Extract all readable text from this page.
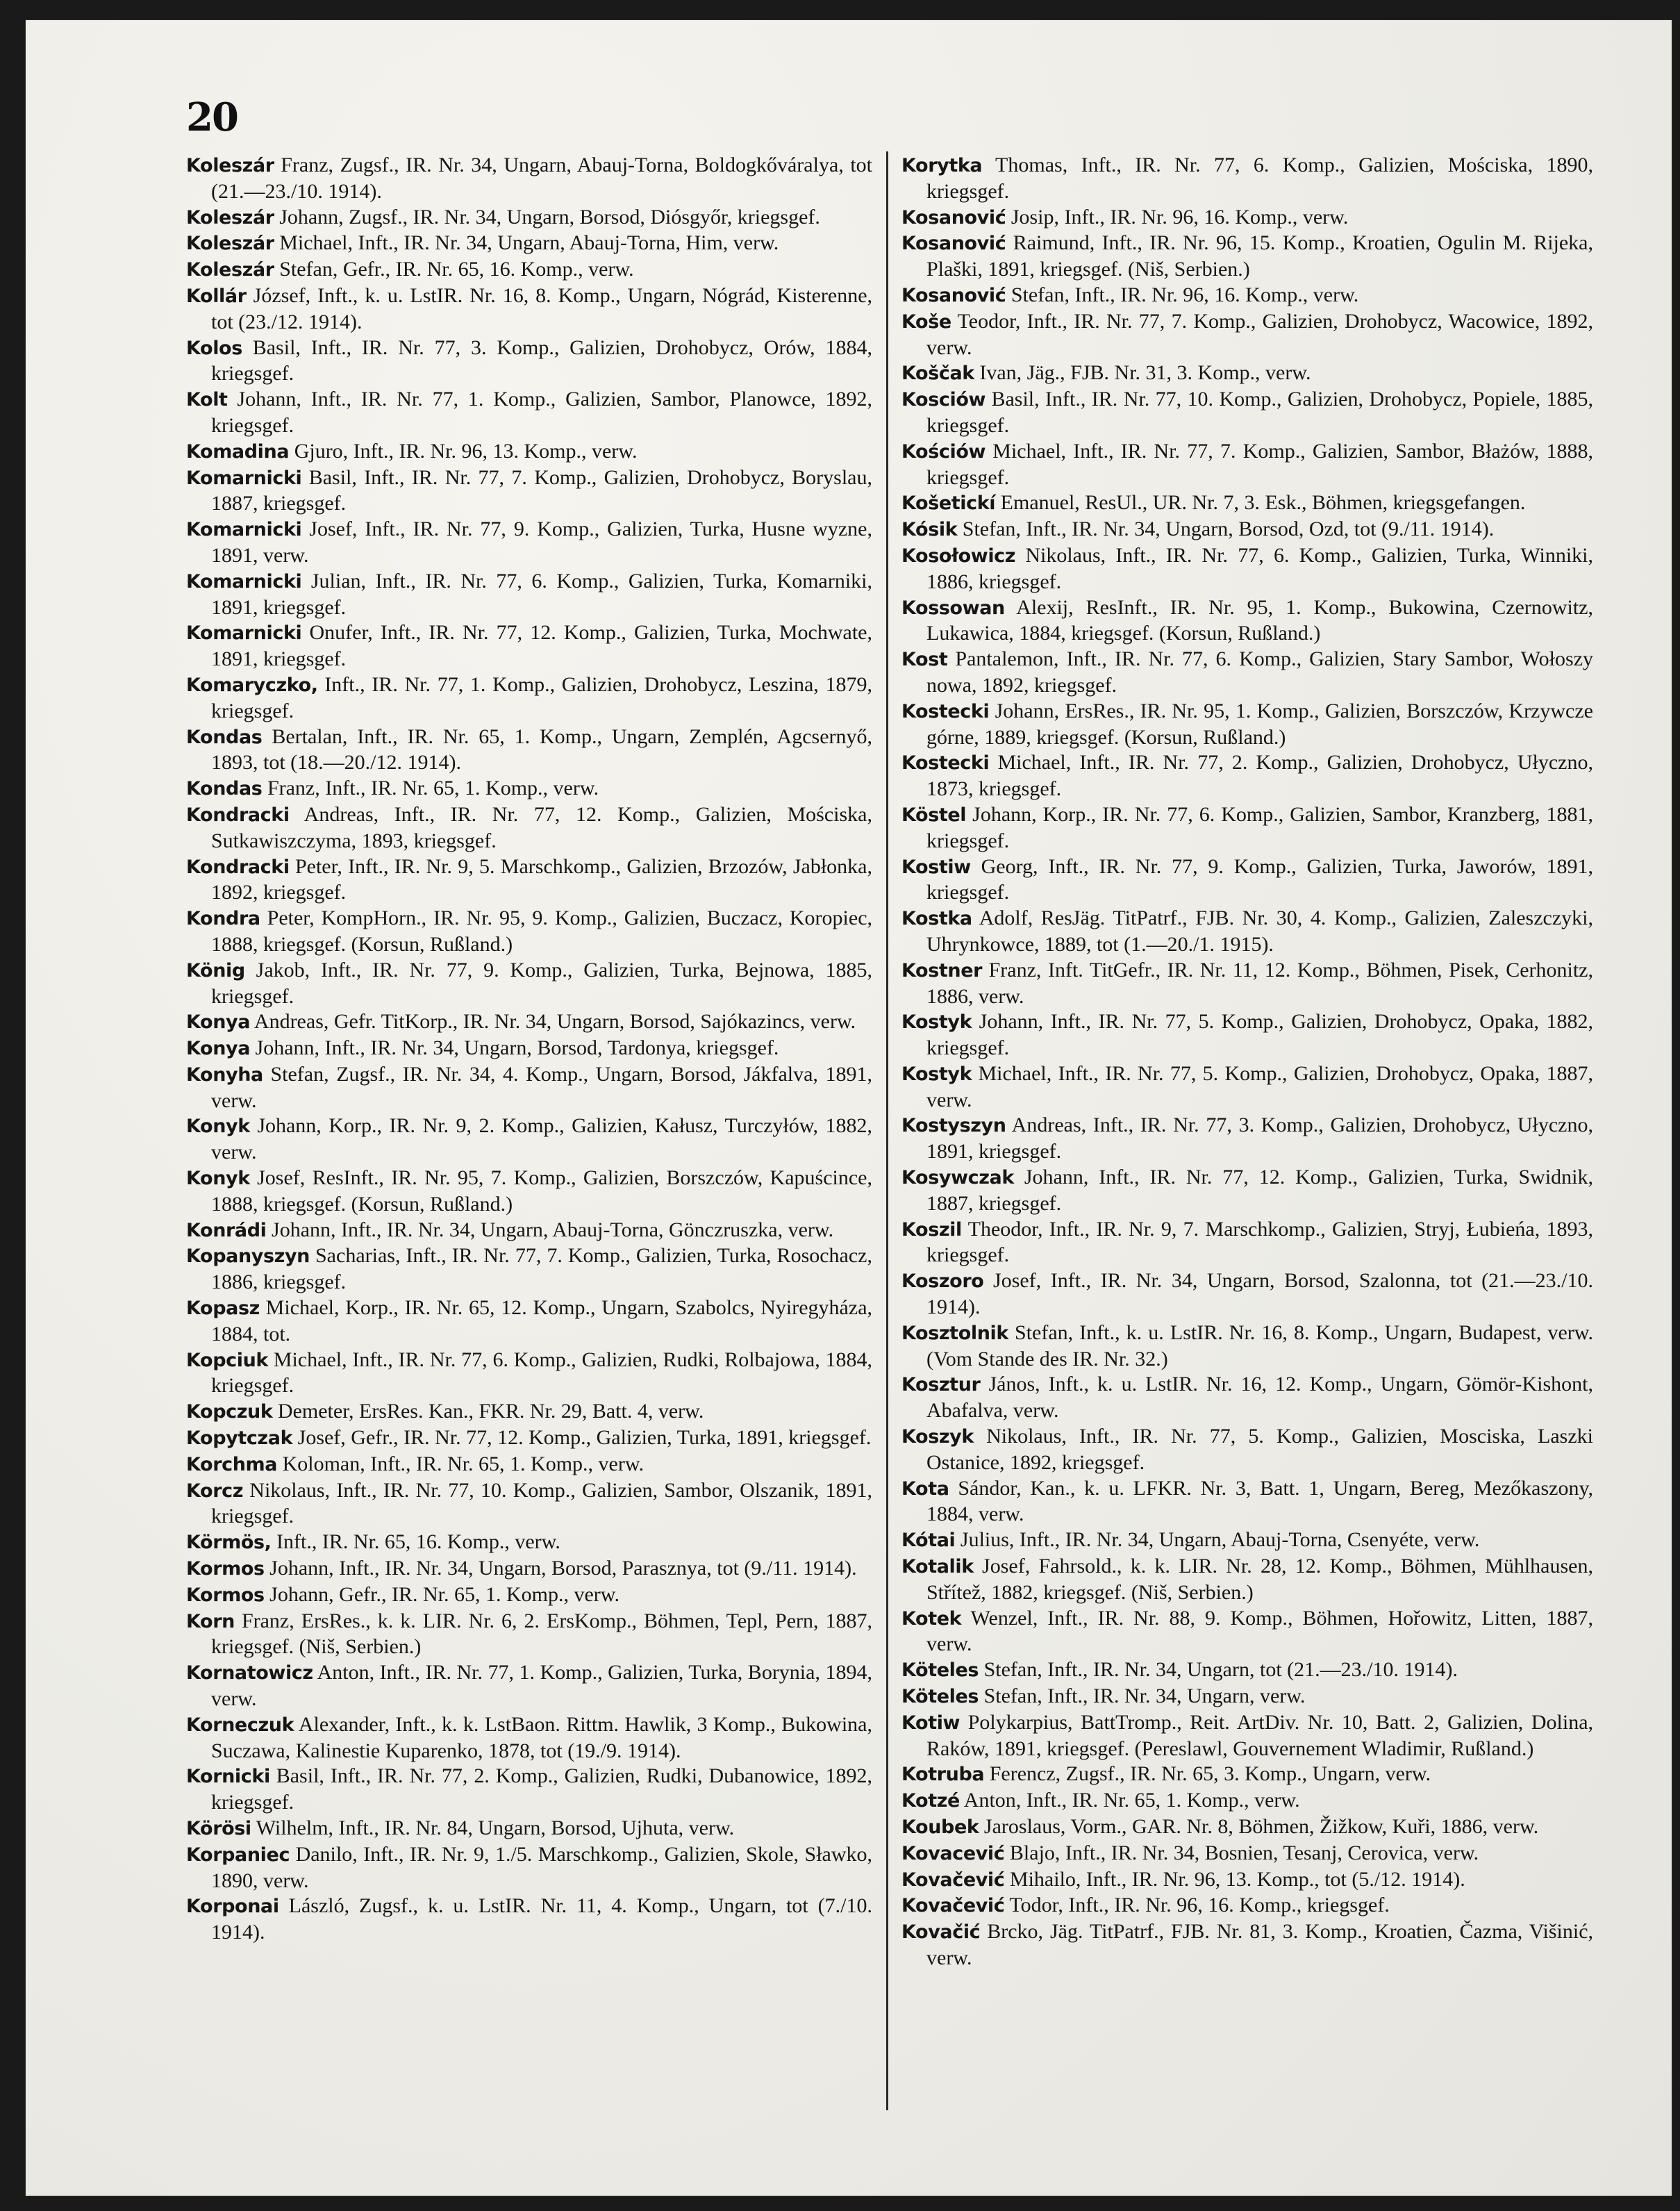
20

Koleszár Franz, Zugsf., IR. Nr. 34, Ungarn, Abauj-Torna, Boldogkőváralya, tot (21.—23./10. 1914).

Koleszár Johann, Zugsf., IR. Nr. 34, Ungarn, Borsod, Diósgyőr, kriegsgef.

Koleszár Michael, Inft., IR. Nr. 34, Ungarn, Abauj-Torna, Him, verw.

Koleszár Stefan, Gefr., IR. Nr. 65, 16. Komp., verw.

Kollár József, Inft., k. u. LstIR. Nr. 16, 8. Komp., Ungarn, Nógrád, Kisterenne, tot (23./12. 1914).

Kolos Basil, Inft., IR. Nr. 77, 3. Komp., Galizien, Drohobycz, Orów, 1884, kriegsgef.

Kolt Johann, Inft., IR. Nr. 77, 1. Komp., Galizien, Sambor, Planowce, 1892, kriegsgef.

Komadina Gjuro, Inft., IR. Nr. 96, 13. Komp., verw.

Komarnicki Basil, Inft., IR. Nr. 77, 7. Komp., Galizien, Drohobycz, Boryslau, 1887, kriegsgef.

Komarnicki Josef, Inft., IR. Nr. 77, 9. Komp., Galizien, Turka, Husne wyzne, 1891, verw.

Komarnicki Julian, Inft., IR. Nr. 77, 6. Komp., Galizien, Turka, Komarniki, 1891, kriegsgef.

Komarnicki Onufer, Inft., IR. Nr. 77, 12. Komp., Galizien, Turka, Mochwate, 1891, kriegsgef.

Komaryczko, Inft., IR. Nr. 77, 1. Komp., Galizien, Drohobycz, Leszina, 1879, kriegsgef.

Kondas Bertalan, Inft., IR. Nr. 65, 1. Komp., Ungarn, Zemplén, Agcsernyő, 1893, tot (18.—20./12. 1914).

Kondas Franz, Inft., IR. Nr. 65, 1. Komp., verw.

Kondracki Andreas, Inft., IR. Nr. 77, 12. Komp., Galizien, Mościska, Sutkawiszczyma, 1893, kriegsgef.

Kondracki Peter, Inft., IR. Nr. 9, 5. Marschkomp., Galizien, Brzozów, Jabłonka, 1892, kriegsgef.

Kondra Peter, KompHorn., IR. Nr. 95, 9. Komp., Galizien, Buczacz, Koropiec, 1888, kriegsgef. (Korsun, Rußland.)

König Jakob, Inft., IR. Nr. 77, 9. Komp., Galizien, Turka, Bejnowa, 1885, kriegsgef.

Konya Andreas, Gefr. TitKorp., IR. Nr. 34, Ungarn, Borsod, Sajókazincs, verw.

Konya Johann, Inft., IR. Nr. 34, Ungarn, Borsod, Tardonya, kriegsgef.

Konyha Stefan, Zugsf., IR. Nr. 34, 4. Komp., Ungarn, Borsod, Jákfalva, 1891, verw.

Konyk Johann, Korp., IR. Nr. 9, 2. Komp., Galizien, Kałusz, Turczyłów, 1882, verw.

Konyk Josef, ResInft., IR. Nr. 95, 7. Komp., Galizien, Borszczów, Kapuścince, 1888, kriegsgef. (Korsun, Rußland.)

Konrádi Johann, Inft., IR. Nr. 34, Ungarn, Abauj-Torna, Gönczruszka, verw.

Kopanyszyn Sacharias, Inft., IR. Nr. 77, 7. Komp., Galizien, Turka, Rosochacz, 1886, kriegsgef.

Kopasz Michael, Korp., IR. Nr. 65, 12. Komp., Ungarn, Szabolcs, Nyiregyháza, 1884, tot.

Kopciuk Michael, Inft., IR. Nr. 77, 6. Komp., Galizien, Rudki, Rolbajowa, 1884, kriegsgef.

Kopczuk Demeter, ErsRes. Kan., FKR. Nr. 29, Batt. 4, verw.

Kopytczak Josef, Gefr., IR. Nr. 77, 12. Komp., Galizien, Turka, 1891, kriegsgef.

Korchma Koloman, Inft., IR. Nr. 65, 1. Komp., verw.

Korcz Nikolaus, Inft., IR. Nr. 77, 10. Komp., Galizien, Sambor, Olszanik, 1891, kriegsgef.

Körmös, Inft., IR. Nr. 65, 16. Komp., verw.

Kormos Johann, Inft., IR. Nr. 34, Ungarn, Borsod, Parasznya, tot (9./11. 1914).

Kormos Johann, Gefr., IR. Nr. 65, 1. Komp., verw.

Korn Franz, ErsRes., k. k. LIR. Nr. 6, 2. ErsKomp., Böhmen, Tepl, Pern, 1887, kriegsgef. (Niš, Serbien.)

Kornatowicz Anton, Inft., IR. Nr. 77, 1. Komp., Galizien, Turka, Borynia, 1894, verw.

Korneczuk Alexander, Inft., k. k. LstBaon. Rittm. Hawlik, 3 Komp., Bukowina, Suczawa, Kalinestie Kuparenko, 1878, tot (19./9. 1914).

Kornicki Basil, Inft., IR. Nr. 77, 2. Komp., Galizien, Rudki, Dubanowice, 1892, kriegsgef.

Körösi Wilhelm, Inft., IR. Nr. 84, Ungarn, Borsod, Ujhuta, verw.

Korpaniec Danilo, Inft., IR. Nr. 9, 1./5. Marschkomp., Galizien, Skole, Sławko, 1890, verw.

Korponai László, Zugsf., k. u. LstIR. Nr. 11, 4. Komp., Ungarn, tot (7./10. 1914).

Korytka Thomas, Inft., IR. Nr. 77, 6. Komp., Galizien, Mościska, 1890, kriegsgef.

Kosanović Josip, Inft., IR. Nr. 96, 16. Komp., verw.

Kosanović Raimund, Inft., IR. Nr. 96, 15. Komp., Kroatien, Ogulin M. Rijeka, Plaški, 1891, kriegsgef. (Niš, Serbien.)

Kosanović Stefan, Inft., IR. Nr. 96, 16. Komp., verw.

Koše Teodor, Inft., IR. Nr. 77, 7. Komp., Galizien, Drohobycz, Wacowice, 1892, verw.

Koščak Ivan, Jäg., FJB. Nr. 31, 3. Komp., verw.

Kosciów Basil, Inft., IR. Nr. 77, 10. Komp., Galizien, Drohobycz, Popiele, 1885, kriegsgef.

Kościów Michael, Inft., IR. Nr. 77, 7. Komp., Galizien, Sambor, Błażów, 1888, kriegsgef.

Košetickí Emanuel, ResUl., UR. Nr. 7, 3. Esk., Böhmen, kriegsgefangen.

Kósik Stefan, Inft., IR. Nr. 34, Ungarn, Borsod, Ozd, tot (9./11. 1914).

Kosołowicz Nikolaus, Inft., IR. Nr. 77, 6. Komp., Galizien, Turka, Winniki, 1886, kriegsgef.

Kossowan Alexij, ResInft., IR. Nr. 95, 1. Komp., Bukowina, Czernowitz, Lukawica, 1884, kriegsgef. (Korsun, Rußland.)

Kost Pantalemon, Inft., IR. Nr. 77, 6. Komp., Galizien, Stary Sambor, Wołoszy nowa, 1892, kriegsgef.

Kostecki Johann, ErsRes., IR. Nr. 95, 1. Komp., Galizien, Borszczów, Krzywcze górne, 1889, kriegsgef. (Korsun, Rußland.)

Kostecki Michael, Inft., IR. Nr. 77, 2. Komp., Galizien, Drohobycz, Ułyczno, 1873, kriegsgef.

Köstel Johann, Korp., IR. Nr. 77, 6. Komp., Galizien, Sambor, Kranzberg, 1881, kriegsgef.

Kostiw Georg, Inft., IR. Nr. 77, 9. Komp., Galizien, Turka, Jaworów, 1891, kriegsgef.

Kostka Adolf, ResJäg. TitPatrf., FJB. Nr. 30, 4. Komp., Galizien, Zaleszczyki, Uhrynkowce, 1889, tot (1.—20./1. 1915).

Kostner Franz, Inft. TitGefr., IR. Nr. 11, 12. Komp., Böhmen, Pisek, Cerhonitz, 1886, verw.

Kostyk Johann, Inft., IR. Nr. 77, 5. Komp., Galizien, Drohobycz, Opaka, 1882, kriegsgef.

Kostyk Michael, Inft., IR. Nr. 77, 5. Komp., Galizien, Drohobycz, Opaka, 1887, verw.

Kostyszyn Andreas, Inft., IR. Nr. 77, 3. Komp., Galizien, Drohobycz, Ułyczno, 1891, kriegsgef.

Kosywczak Johann, Inft., IR. Nr. 77, 12. Komp., Galizien, Turka, Swidnik, 1887, kriegsgef.

Koszil Theodor, Inft., IR. Nr. 9, 7. Marschkomp., Galizien, Stryj, Łubieńa, 1893, kriegsgef.

Koszoro Josef, Inft., IR. Nr. 34, Ungarn, Borsod, Szalonna, tot (21.—23./10. 1914).

Kosztolnik Stefan, Inft., k. u. LstIR. Nr. 16, 8. Komp., Ungarn, Budapest, verw. (Vom Stande des IR. Nr. 32.)

Kosztur János, Inft., k. u. LstIR. Nr. 16, 12. Komp., Ungarn, Gömör-Kishont, Abafalva, verw.

Koszyk Nikolaus, Inft., IR. Nr. 77, 5. Komp., Galizien, Mosciska, Laszki Ostanice, 1892, kriegsgef.

Kota Sándor, Kan., k. u. LFKR. Nr. 3, Batt. 1, Ungarn, Bereg, Mezőkaszony, 1884, verw.

Kótai Julius, Inft., IR. Nr. 34, Ungarn, Abauj-Torna, Csenyéte, verw.

Kotalik Josef, Fahrsold., k. k. LIR. Nr. 28, 12. Komp., Böhmen, Mühlhausen, Střítež, 1882, kriegsgef. (Niš, Serbien.)

Kotek Wenzel, Inft., IR. Nr. 88, 9. Komp., Böhmen, Hořowitz, Litten, 1887, verw.

Köteles Stefan, Inft., IR. Nr. 34, Ungarn, tot (21.—23./10. 1914).

Köteles Stefan, Inft., IR. Nr. 34, Ungarn, verw.

Kotiw Polykarpius, BattTromp., Reit. ArtDiv. Nr. 10, Batt. 2, Galizien, Dolina, Raków, 1891, kriegsgef. (Pereslawl, Gouvernement Wladimir, Rußland.)

Kotruba Ferencz, Zugsf., IR. Nr. 65, 3. Komp., Ungarn, verw.

Kotzé Anton, Inft., IR. Nr. 65, 1. Komp., verw.

Koubek Jaroslaus, Vorm., GAR. Nr. 8, Böhmen, Žižkow, Kuři, 1886, verw.

Kovacević Blajo, Inft., IR. Nr. 34, Bosnien, Tesanj, Cerovica, verw.

Kovačević Mihailo, Inft., IR. Nr. 96, 13. Komp., tot (5./12. 1914).

Kovačević Todor, Inft., IR. Nr. 96, 16. Komp., kriegsgef.

Kovačić Brcko, Jäg. TitPatrf., FJB. Nr. 81, 3. Komp., Kroatien, Čazma, Višinić, verw.
